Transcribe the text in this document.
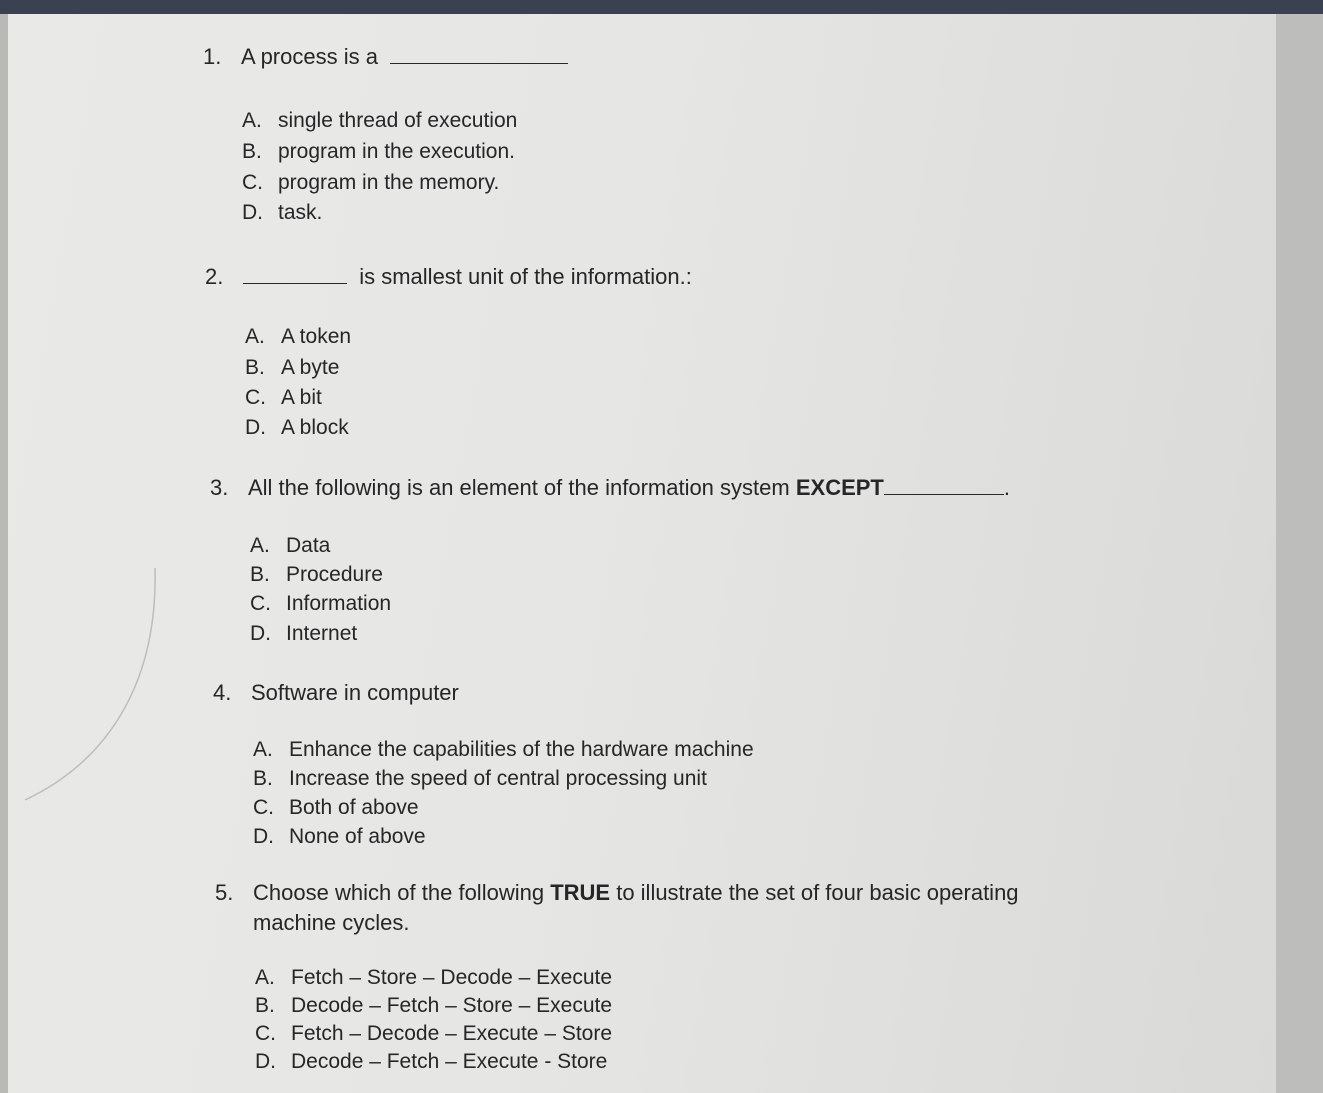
1. A process is a
A. single thread of execution
B. program in the execution.
C. program in the memory.
D. task.
2.	is smallest unit of the information.:
A. A token
B. A byte
C. A bit
D. A block
3. All the following is an element of the information system EXCEPT	.
A. Data
B. Procedure
C. Information
D. Internet
4. Software in computer
A. Enhance the capabilities of the hardware machine
B. Increase the speed of central processing unit
C. Both of above
D. None of above
5. Choose which of the following TRUE to illustrate the set of four basic operating
machine cycles.
A. Fetch – Store – Decode – Execute
B. Decode – Fetch – Store – Execute
C. Fetch – Decode – Execute – Store
D. Decode – Fetch – Execute - Store
